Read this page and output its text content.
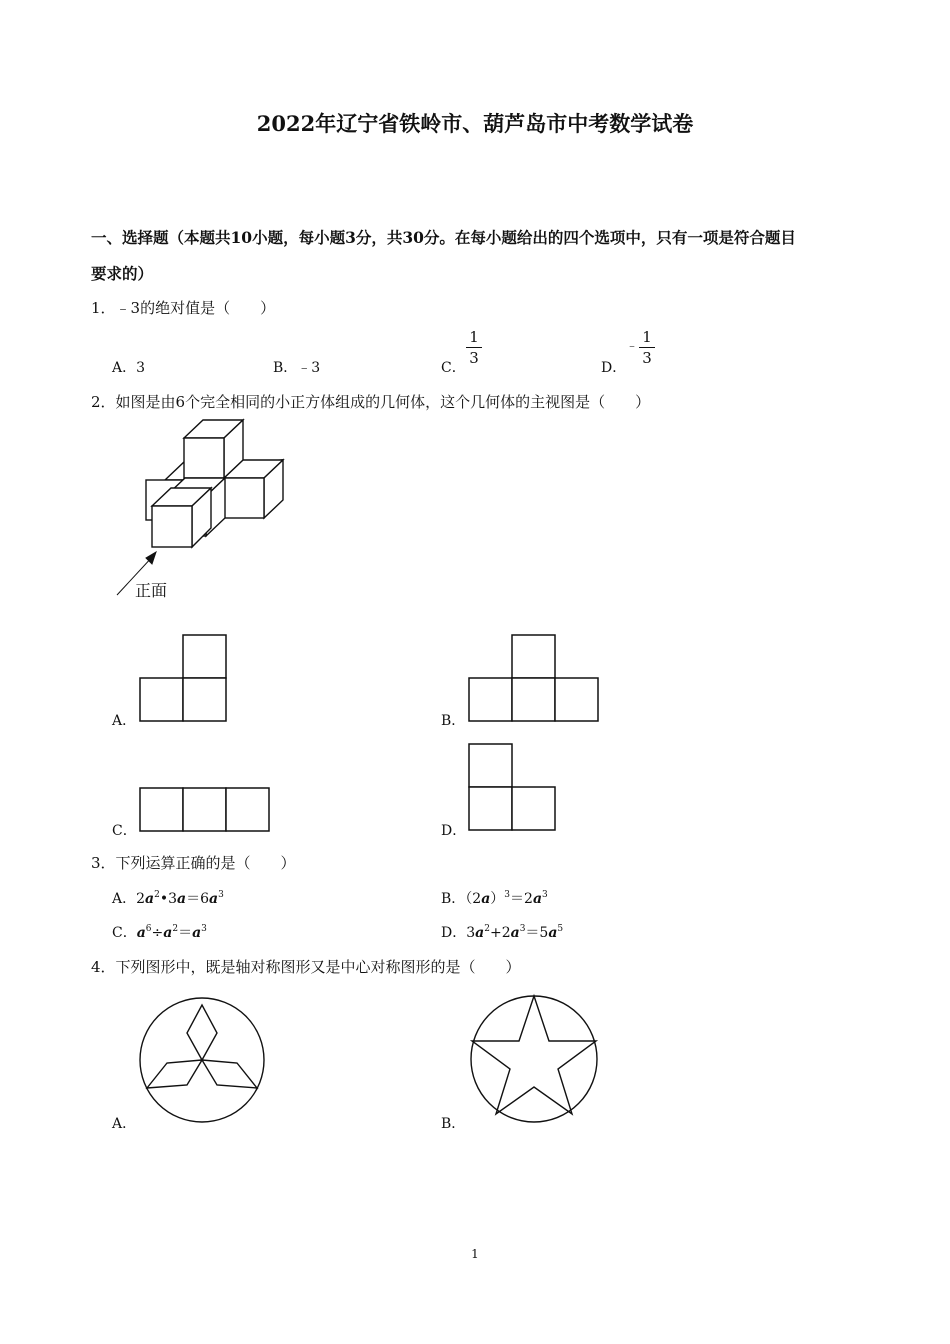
2022年辽宁省铁岭市、葫芦岛市中考数学试卷
一、选择题（本题共10小题，每小题3分，共30分。在每小题给出的四个选项中，只有一项是符合题目
要求的）
1．﹣3的绝对值是（　　）
A．3	B．﹣3	C．
1
3
D．
﹣ 1
3
2．如图是由6个完全相同的小正方体组成的几何体，这个几何体的主视图是（　　）
正面
A．	B．
C．	D．
3．下列运算正确的是（　　）
A．$2a^2•3a=6a^3$	B．$(2a)^3=2a^3$
C．$a^6\div a^2=a^3$	D．$3a^2+2a^3=5a^5$
4．下列图形中，既是轴对称图形又是中心对称图形的是（　　）
A．	B．
1
